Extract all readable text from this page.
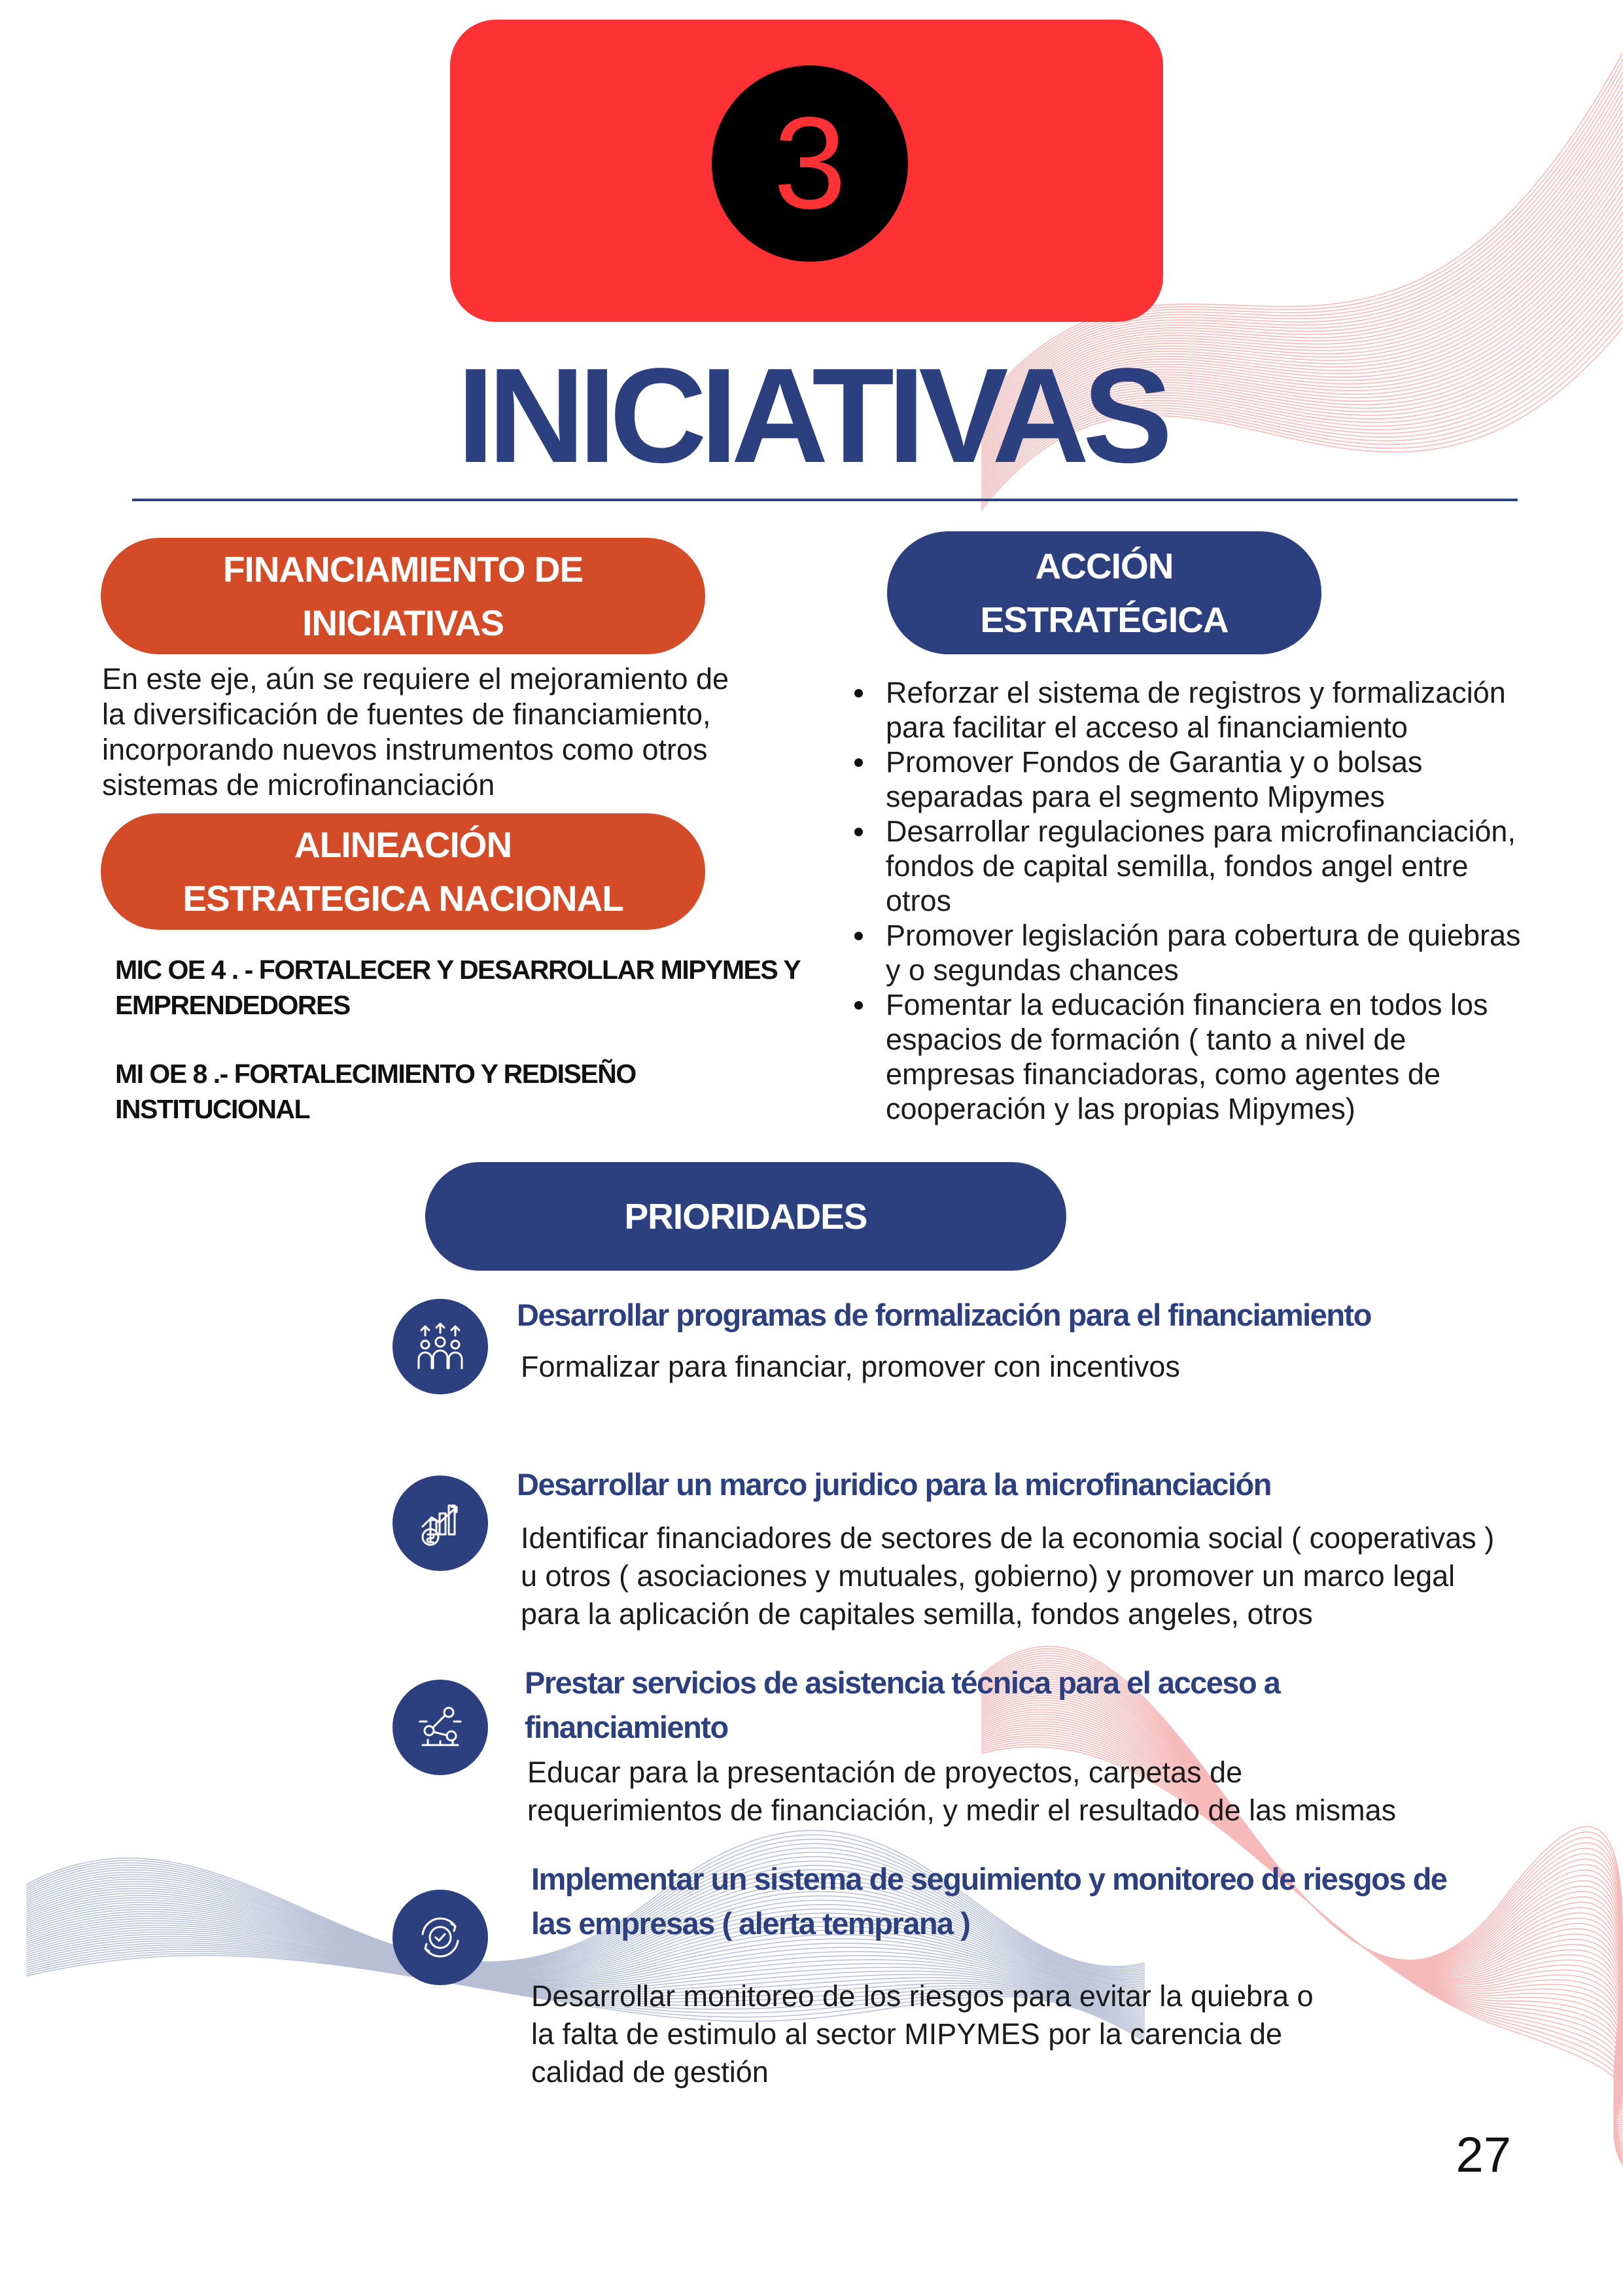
3
INICIATIVAS
FINANCIAMIENTO DE
INICIATIVAS
En este eje, aún se requiere el mejoramiento de
la diversificación de fuentes de financiamiento,
incorporando nuevos instrumentos como otros
sistemas de microfinanciación
ALINEACIÓN
ESTRATEGICA NACIONAL
MIC OE 4 . - FORTALECER Y DESARROLLAR MIPYMES Y
EMPRENDEDORES
MI OE 8 .- FORTALECIMIENTO Y REDISEÑO
INSTITUCIONAL
ACCIÓN
ESTRATÉGICA
Reforzar el sistema de registros y formalización
para facilitar el acceso al financiamiento
Promover Fondos de Garantia y o bolsas
separadas para el segmento Mipymes
Desarrollar regulaciones para microfinanciación,
fondos de capital semilla, fondos angel entre
otros
Promover legislación para cobertura de quiebras
y o segundas chances
Fomentar la educación financiera en todos los
espacios de formación ( tanto a nivel de
empresas financiadoras, como agentes de
cooperación y las propias Mipymes)
PRIORIDADES
Desarrollar programas de formalización para el financiamiento
Formalizar para financiar, promover con incentivos
Desarrollar un marco juridico para la microfinanciación
Identificar financiadores de sectores de la economia social ( cooperativas )
u otros ( asociaciones y mutuales, gobierno) y promover un marco legal
para la aplicación de capitales semilla, fondos angeles, otros
Prestar servicios de asistencia técnica para el acceso a
financiamiento
Educar para la presentación de proyectos, carpetas de
requerimientos de financiación, y medir el resultado de las mismas
Implementar un sistema de seguimiento y monitoreo de riesgos de
las empresas ( alerta temprana )
Desarrollar monitoreo de los riesgos para evitar la quiebra o
la falta de estimulo al sector MIPYMES por la carencia de
calidad de gestión
27
